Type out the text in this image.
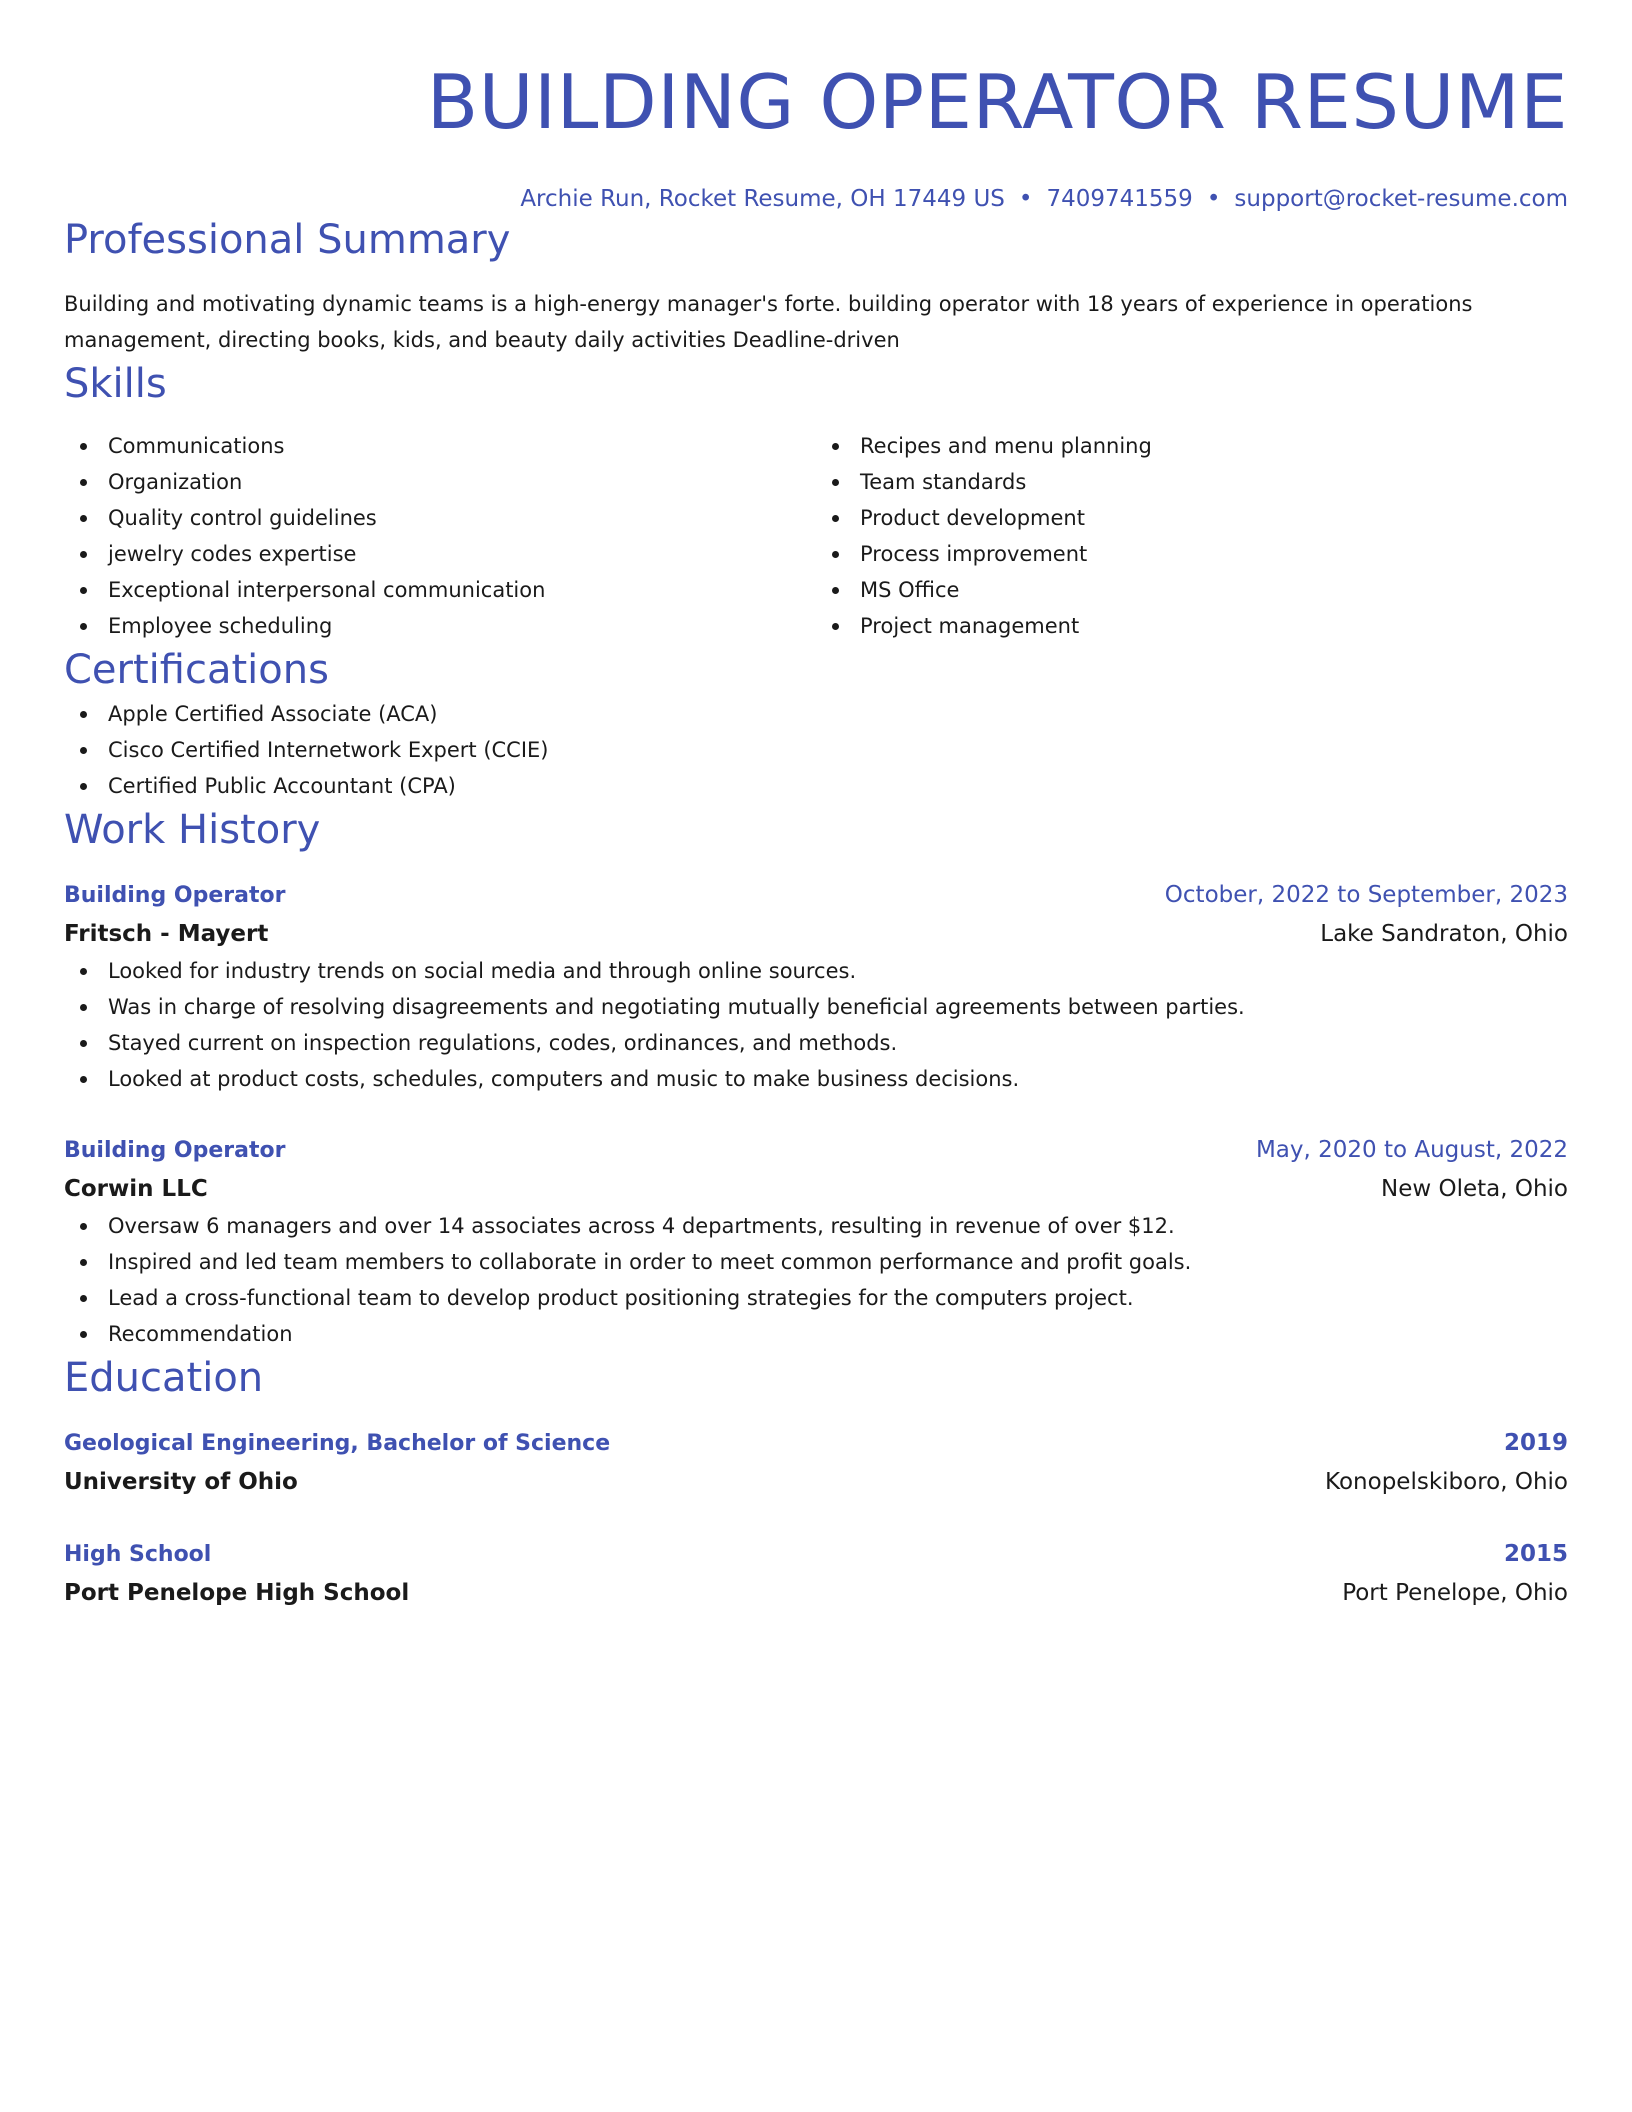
BUILDING OPERATOR RESUME
Archie Run, Rocket Resume, OH 17449 US • 7409741559 • support@rocket-resume.com
Professional Summary

Building and motivating dynamic teams is a high-energy manager's forte. building operator with 18 years of experience in operations management, directing books, kids, and beauty daily activities Deadline-driven

Skills
Communications
Organization
Quality control guidelines
jewelry codes expertise
Exceptional interpersonal communication
Employee scheduling
Recipes and menu planning
Team standards
Product development
Process improvement
MS Office
Project management
Certifications
Apple Certified Associate (ACA)
Cisco Certified Internetwork Expert (CCIE)
Certified Public Accountant (CPA)
Work History
Building Operator	October, 2022 to September, 2023
Fritsch - Mayert	Lake Sandraton, Ohio
Looked for industry trends on social media and through online sources.
Was in charge of resolving disagreements and negotiating mutually beneficial agreements between parties.
Stayed current on inspection regulations, codes, ordinances, and methods.
Looked at product costs, schedules, computers and music to make business decisions.
Building Operator	May, 2020 to August, 2022
Corwin LLC	New Oleta, Ohio
Oversaw 6 managers and over 14 associates across 4 departments, resulting in revenue of over $12.
Inspired and led team members to collaborate in order to meet common performance and profit goals.
Lead a cross-functional team to develop product positioning strategies for the computers project.
Recommendation
Education
Geological Engineering, Bachelor of Science	2019
University of Ohio	Konopelskiboro, Ohio
High School	2015
Port Penelope High School	Port Penelope, Ohio
